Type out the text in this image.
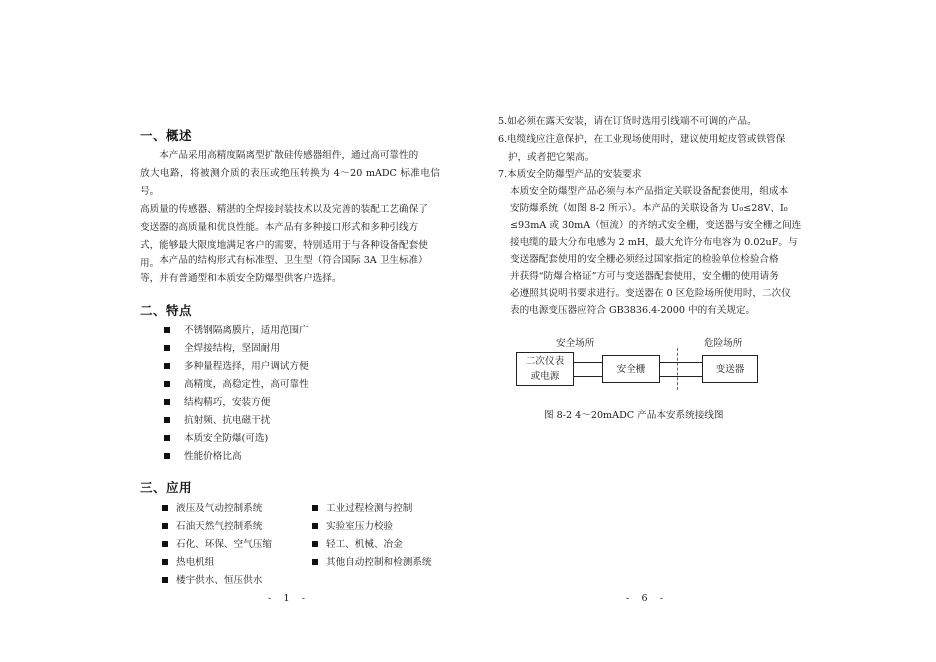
一、概述
本产品采用高精度隔离型扩散硅传感器组件，通过高可靠性的
放大电路，将被测介质的表压或绝压转换为 4～20 mADC 标准电信号。
高质量的传感器、精湛的全焊接封装技术以及完善的装配工艺确保了
变送器的高质量和优良性能。本产品有多种接口形式和多种引线方
式，能够最大限度地满足客户的需要，特别适用于与各种设备配套使
用。 本产品的结构形式有标准型、卫生型（符合国际 3A 卫生标准）
等，并有普通型和本质安全防爆型供客户选择。
二、特点
不锈钢隔离膜片，适用范围广
全焊接结构，坚固耐用
多种量程选择，用户调试方便
高精度，高稳定性，高可靠性
结构精巧，安装方便
抗射频、抗电磁干扰
本质安全防爆(可选)
性能价格比高
三、应用
液压及气动控制系统
石油天然气控制系统
石化、环保、空气压缩
热电机组
楼宇供水、恒压供水
工业过程检测与控制
实验室压力校验
轻工、机械、冶金
其他自动控制和检测系统
-    1    -
5.如必须在露天安装，请在订货时选用引线端不可调的产品。
6.电缆线应注意保护，在工业现场使用时，建议使用蛇皮管或铁管保
护，或者把它架高。
7.本质安全防爆型产品的安装要求
本质安全防爆型产品必须与本产品指定关联设备配套使用，组成本
安防爆系统（如图 8-2 所示）。本产品的关联设备为 U₀≤28V、I₀
≤93mA 或 30mA（恒流）的齐纳式安全栅，变送器与安全栅之间连
接电缆的最大分布电感为 2 mH，最大允许分布电容为 0.02uF。与
变送器配套使用的安全栅必须经过国家指定的检验单位检验合格
并获得“防爆合格证”方可与变送器配套使用，安全栅的使用请务
必遵照其说明书要求进行。变送器在 0 区危险场所使用时，二次仪
表的电源变压器应符合 GB3836.4-2000 中的有关规定。
安全场所	危险场所
二次仪表
或电源
安全栅	变送器
图 8-2 4～20mADC 产品本安系统接线图
-    6    -
